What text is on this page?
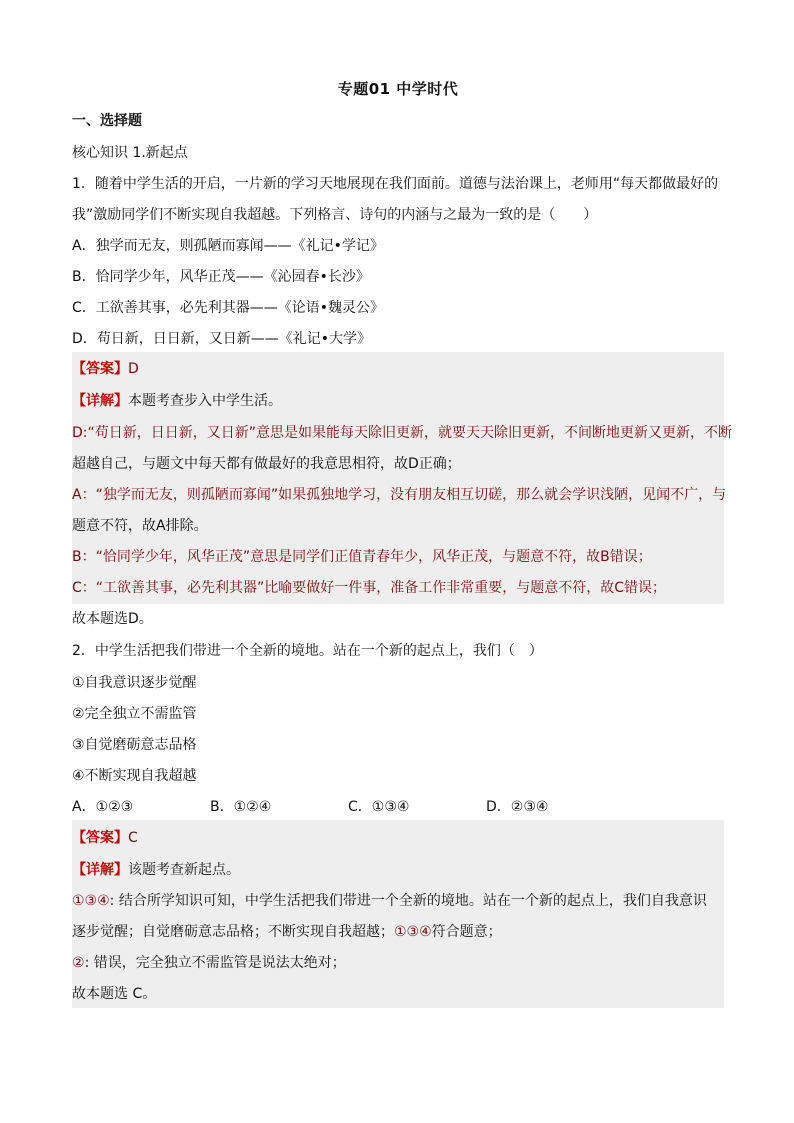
专题01 中学时代
一、选择题
核心知识 1.新起点
1．随着中学生活的开启，一片新的学习天地展现在我们面前。道德与法治课上，老师用“每天都做最好的
我”激励同学们不断实现自我超越。下列格言、诗句的内涵与之最为一致的是（　　）
A．独学而无友，则孤陋而寡闻——《礼记•学记》
B．恰同学少年，风华正茂——《沁园春•长沙》
C．工欲善其事，必先利其器——《论语•魏灵公》
D．苟日新，日日新，又日新——《礼记•大学》
【答案】D
【详解】本题考查步入中学生活。
D:“苟日新，日日新，又日新”意思是如果能每天除旧更新，就要天天除旧更新，不间断地更新又更新，不断
超越自己，与题文中每天都有做最好的我意思相符，故D正确；
A：“独学而无友，则孤陋而寡闻”如果孤独地学习，没有朋友相互切磋，那么就会学识浅陋，见闻不广，与
题意不符，故A排除。
B：“恰同学少年，风华正茂”意思是同学们正值青春年少，风华正茂，与题意不符，故B错误；
C：“工欲善其事，必先利其器”比喻要做好一件事，准备工作非常重要，与题意不符，故C错误；
故本题选D。
2．中学生活把我们带进一个全新的境地。站在一个新的起点上，我们（　）
①自我意识逐步觉醒
②完全独立不需监管
③自觉磨砺意志品格
④不断实现自我超越
A．①②③	B．①②④	C．①③④	D．②③④
【答案】C
【详解】该题考查新起点。
①③④: 结合所学知识可知，中学生活把我们带进一个全新的境地。站在一个新的起点上，我们自我意识
逐步觉醒；自觉磨砺意志品格；不断实现自我超越；①③④符合题意；
②: 错误，完全独立不需监管是说法太绝对；
故本题选 C。
